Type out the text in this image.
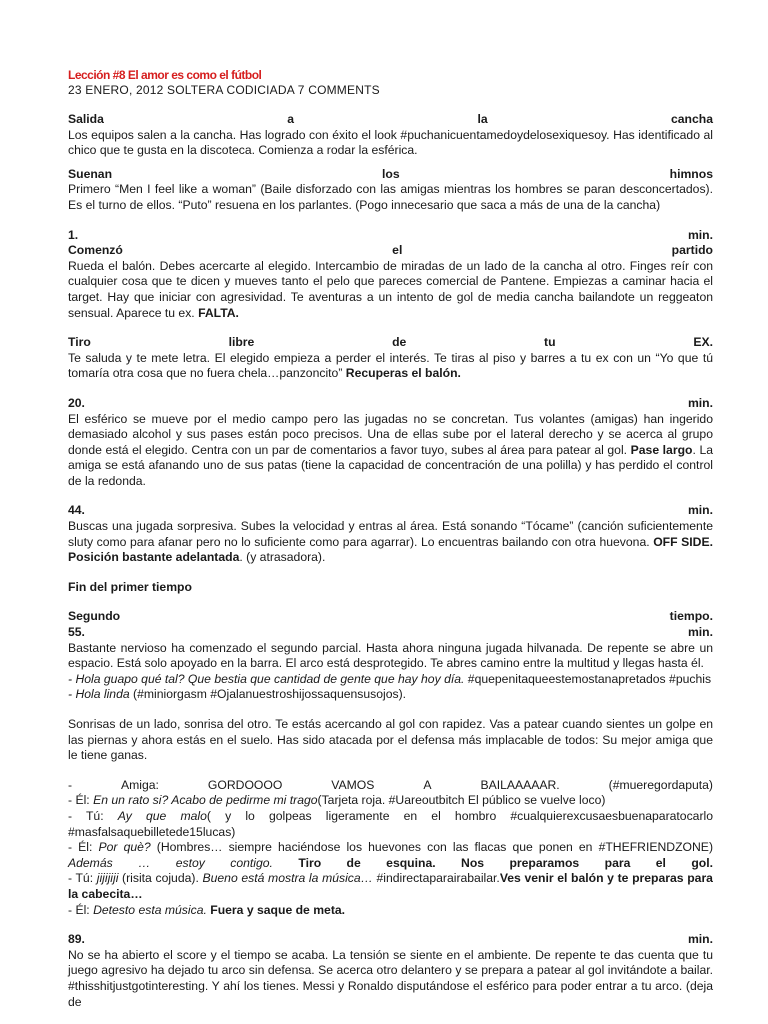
Lección #8 El amor es como el fútbol
23 ENERO, 2012 SOLTERA CODICIADA 7 COMMENTS
Salida	a	la	cancha

Los equipos salen a la cancha. Has logrado con éxito el look #puchanicuentamedoydelosexiquesoy. Has identificado al chico que te gusta en la discoteca. Comienza a rodar la esférica.

Suenan	los	himnos

Primero “Men I feel like a woman” (Baile disforzado con las amigas mientras los hombres se paran desconcertados). Es el turno de ellos. “Puto” resuena en los parlantes. (Pogo innecesario que saca a más de una de la cancha)

1.	min.
Comenzó	el	partido

Rueda el balón. Debes acercarte al elegido. Intercambio de miradas de un lado de la cancha al otro. Finges reír con cualquier cosa que te dicen y mueves tanto el pelo que pareces comercial de Pantene. Empiezas a caminar hacia el target. Hay que iniciar con agresividad. Te aventuras a un intento de gol de media cancha bailandote un reggeaton sensual. Aparece tu ex. FALTA.

Tiro	libre	de	tu	EX.

Te saluda y te mete letra. El elegido empieza a perder el interés. Te tiras al piso y barres a tu ex con un “Yo que tú tomaría otra cosa que no fuera chela…panzoncito” Recuperas el balón.

20.	min.

El esférico se mueve por el medio campo pero las jugadas no se concretan. Tus volantes (amigas) han ingerido demasiado alcohol y sus pases están poco precisos. Una de ellas sube por el lateral derecho y se acerca al grupo donde está el elegido. Centra con un par de comentarios a favor tuyo, subes al área para patear al gol. Pase largo. La amiga se está afanando uno de sus patas (tiene la capacidad de concentración de una polilla) y has perdido el control de la redonda.

44.	min.

Buscas una jugada sorpresiva. Subes la velocidad y entras al área. Está sonando “Tócame” (canción suficientemente sluty como para afanar pero no lo suficiente como para agarrar). Lo encuentras bailando con otra huevona. OFF SIDE. Posición bastante adelantada. (y atrasadora).

Fin del primer tiempo
Segundo	tiempo.
55.	min.

Bastante nervioso ha comenzado el segundo parcial. Hasta ahora ninguna jugada hilvanada. De repente se abre un espacio. Está solo apoyado en la barra. El arco está desprotegido. Te abres camino entre la multitud y llegas hasta él.

- Hola guapo qué tal? Que bestia que cantidad de gente que hay hoy día. #quepenitaqueestemostanapretados #puchis
- Hola linda (#miniorgasm #Ojalanuestroshijossaquensusojos).

Sonrisas de un lado, sonrisa del otro. Te estás acercando al gol con rapidez. Vas a patear cuando sientes un golpe en las piernas y ahora estás en el suelo. Has sido atacada por el defensa más implacable de todos: Su mejor amiga que le tiene ganas.

-	Amiga:	GORDOOOO	VAMOS	A	BAILAAAAAR.	(#mueregordaputa)

- Él: En un rato si? Acabo de pedirme mi trago(Tarjeta roja. #Uareoutbitch El público se vuelve loco)

- Tú: Ay que malo( y lo golpeas ligeramente en el hombro #cualquierexcusaesbuenaparatocarlo #masfalsaquebilletede15lucas)

- Él: Por què? (Hombres… siempre haciéndose los huevones con las flacas que ponen en #THEFRIENDZONE) Además … estoy contigo. Tiro de esquina. Nos preparamos para el gol.

- Tú: jijijiji (risita cojuda). Bueno está mostra la música… #indirectaparairabailar.Ves venir el balón y te preparas para la cabecita…

- Él: Detesto esta música. Fuera y saque de meta.

89.	min.

No se ha abierto el score y el tiempo se acaba. La tensión se siente en el ambiente. De repente te das cuenta que tu juego agresivo ha dejado tu arco sin defensa. Se acerca otro delantero y se prepara a patear al gol invitándote a bailar. #thisshitjustgotinteresting. Y ahí los tienes. Messi y Ronaldo disputándose el esférico para poder entrar a tu arco. (deja de
